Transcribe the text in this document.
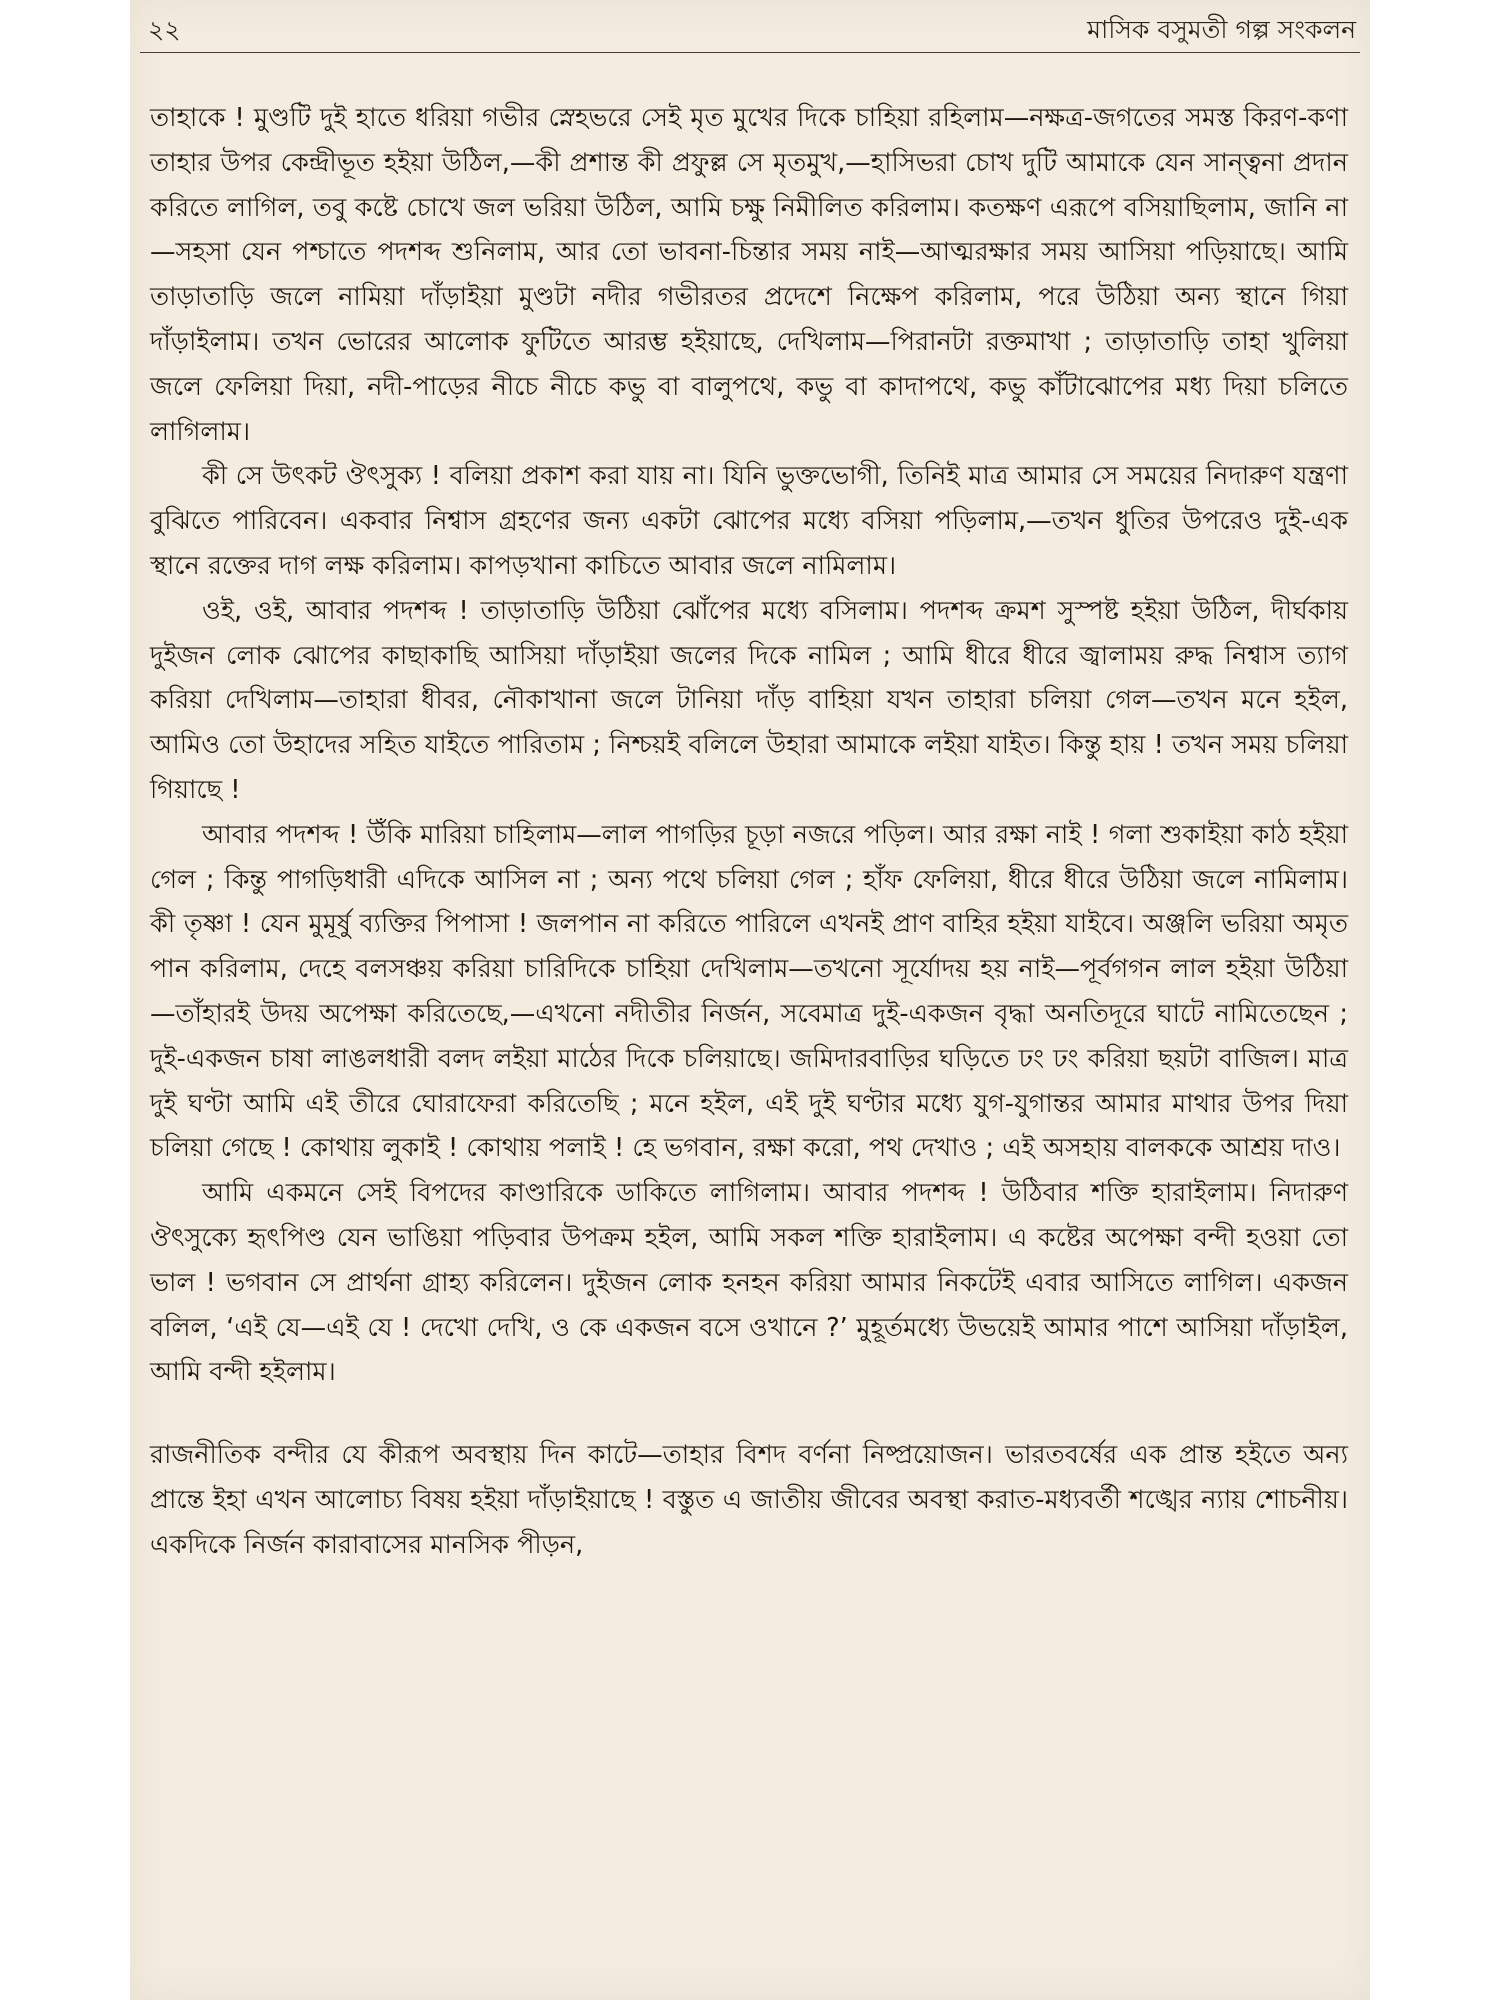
২২	মাসিক বসুমতী গল্প সংকলন

তাহাকে ! মুণ্ডটি দুই হাতে ধরিয়া গভীর স্নেহভরে সেই মৃত মুখের দিকে চাহিয়া রহিলাম—নক্ষত্র-জগতের সমস্ত কিরণ-কণা তাহার উপর কেন্দ্রীভূত হইয়া উঠিল,—কী প্রশান্ত কী প্রফুল্ল সে মৃতমুখ,—হাসিভরা চোখ দুটি আমাকে যেন সান্ত্বনা প্রদান করিতে লাগিল, তবু কষ্টে চোখে জল ভরিয়া উঠিল, আমি চক্ষু নিমীলিত করিলাম। কতক্ষণ এরূপে বসিয়াছিলাম, জানি না—সহসা যেন পশ্চাতে পদশব্দ শুনিলাম, আর তো ভাবনা-চিন্তার সময় নাই—আত্মরক্ষার সময় আসিয়া পড়িয়াছে। আমি তাড়াতাড়ি জলে নামিয়া দাঁড়াইয়া মুণ্ডটা নদীর গভীরতর প্রদেশে নিক্ষেপ করিলাম, পরে উঠিয়া অন্য স্থানে গিয়া দাঁড়াইলাম। তখন ভোরের আলোক ফুটিতে আরম্ভ হইয়াছে, দেখিলাম—পিরানটা রক্তমাখা ; তাড়াতাড়ি তাহা খুলিয়া জলে ফেলিয়া দিয়া, নদী-পাড়ের নীচে নীচে কভু বা বালুপথে, কভু বা কাদাপথে, কভু কাঁটাঝোপের মধ্য দিয়া চলিতে লাগিলাম।

কী সে উৎকট ঔৎসুক্য ! বলিয়া প্রকাশ করা যায় না। যিনি ভুক্তভোগী, তিনিই মাত্র আমার সে সময়ের নিদারুণ যন্ত্রণা বুঝিতে পারিবেন। একবার নিশ্বাস গ্রহণের জন্য একটা ঝোপের মধ্যে বসিয়া পড়িলাম,—তখন ধুতির উপরেও দুই-এক স্থানে রক্তের দাগ লক্ষ করিলাম। কাপড়খানা কাচিতে আবার জলে নামিলাম।

ওই, ওই, আবার পদশব্দ ! তাড়াতাড়ি উঠিয়া ঝোঁপের মধ্যে বসিলাম। পদশব্দ ক্রমশ সুস্পষ্ট হইয়া উঠিল, দীর্ঘকায় দুইজন লোক ঝোপের কাছাকাছি আসিয়া দাঁড়াইয়া জলের দিকে নামিল ; আমি ধীরে ধীরে জ্বালাময় রুদ্ধ নিশ্বাস ত্যাগ করিয়া দেখিলাম—তাহারা ধীবর, নৌকাখানা জলে টানিয়া দাঁড় বাহিয়া যখন তাহারা চলিয়া গেল—তখন মনে হইল, আমিও তো উহাদের সহিত যাইতে পারিতাম ; নিশ্চয়ই বলিলে উহারা আমাকে লইয়া যাইত। কিন্তু হায় ! তখন সময় চলিয়া গিয়াছে !

আবার পদশব্দ ! উঁকি মারিয়া চাহিলাম—লাল পাগড়ির চূড়া নজরে পড়িল। আর রক্ষা নাই ! গলা শুকাইয়া কাঠ হইয়া গেল ; কিন্তু পাগড়িধারী এদিকে আসিল না ; অন্য পথে চলিয়া গেল ; হাঁফ ফেলিয়া, ধীরে ধীরে উঠিয়া জলে নামিলাম। কী তৃষ্ণা ! যেন মুমূর্ষু ব্যক্তির পিপাসা ! জলপান না করিতে পারিলে এখনই প্রাণ বাহির হইয়া যাইবে। অঞ্জলি ভরিয়া অমৃত পান করিলাম, দেহে বলসঞ্চয় করিয়া চারিদিকে চাহিয়া দেখিলাম—তখনো সূর্যোদয় হয় নাই—পূর্বগগন লাল হইয়া উঠিয়া—তাঁহারই উদয় অপেক্ষা করিতেছে,—এখনো নদীতীর নির্জন, সবেমাত্র দুই-একজন বৃদ্ধা অনতিদূরে ঘাটে নামিতেছেন ; দুই-একজন চাষা লাঙলধারী বলদ লইয়া মাঠের দিকে চলিয়াছে। জমিদারবাড়ির ঘড়িতে ঢং ঢং করিয়া ছয়টা বাজিল। মাত্র দুই ঘণ্টা আমি এই তীরে ঘোরাফেরা করিতেছি ; মনে হইল, এই দুই ঘণ্টার মধ্যে যুগ-যুগান্তর আমার মাথার উপর দিয়া চলিয়া গেছে ! কোথায় লুকাই ! কোথায় পলাই ! হে ভগবান, রক্ষা করো, পথ দেখাও ; এই অসহায় বালককে আশ্রয় দাও।

আমি একমনে সেই বিপদের কাণ্ডারিকে ডাকিতে লাগিলাম। আবার পদশব্দ ! উঠিবার শক্তি হারাইলাম। নিদারুণ ঔৎসুক্যে হৃৎপিণ্ড যেন ভাঙিয়া পড়িবার উপক্রম হইল, আমি সকল শক্তি হারাইলাম। এ কষ্টের অপেক্ষা বন্দী হওয়া তো ভাল ! ভগবান সে প্রার্থনা গ্রাহ্য করিলেন। দুইজন লোক হনহন করিয়া আমার নিকটেই এবার আসিতে লাগিল। একজন বলিল, ‘এই যে—এই যে ! দেখো দেখি, ও কে একজন বসে ওখানে ?’ মুহূর্তমধ্যে উভয়েই আমার পাশে আসিয়া দাঁড়াইল, আমি বন্দী হইলাম।

রাজনীতিক বন্দীর যে কীরূপ অবস্থায় দিন কাটে—তাহার বিশদ বর্ণনা নিষ্প্রয়োজন। ভারতবর্ষের এক প্রান্ত হইতে অন্য প্রান্তে ইহা এখন আলোচ্য বিষয় হইয়া দাঁড়াইয়াছে ! বস্তুত এ জাতীয় জীবের অবস্থা করাত-মধ্যবর্তী শঙ্খের ন্যায় শোচনীয়। একদিকে নির্জন কারাবাসের মানসিক পীড়ন,
